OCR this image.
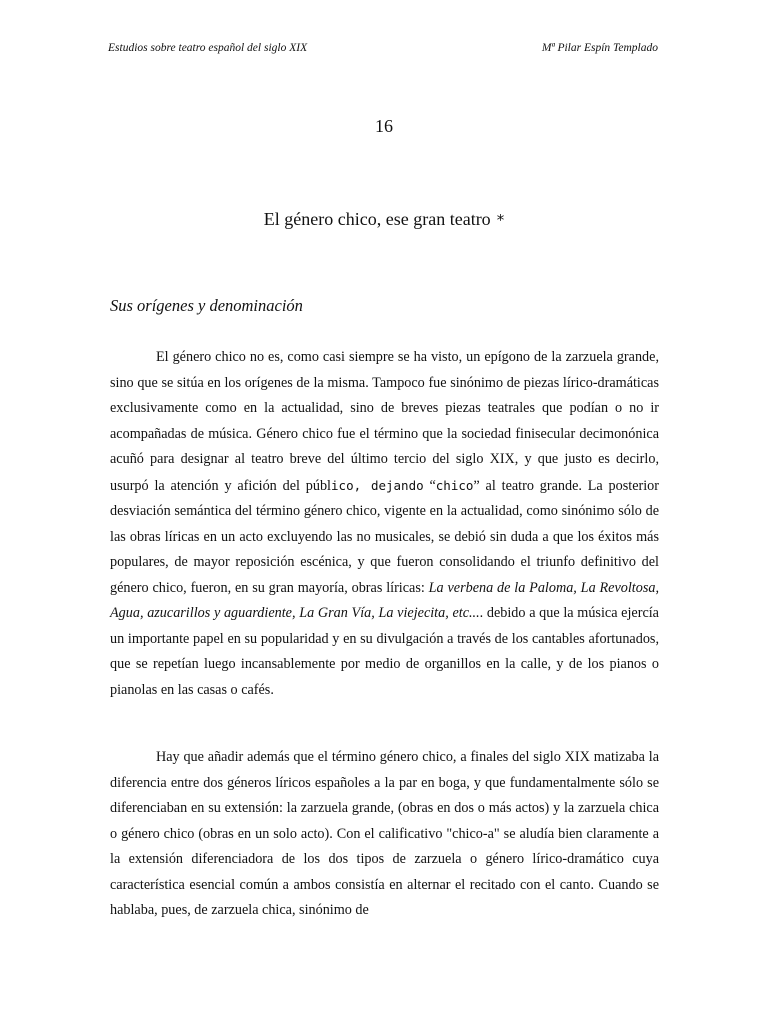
Estudios sobre teatro español del siglo XIX	Mª Pilar Espín Templado
16
El género chico, ese gran teatro *
Sus orígenes y denominación

El género chico no es, como casi siempre se ha visto, un epígono de la zarzuela grande, sino que se sitúa en los orígenes de la misma. Tampoco fue sinónimo de piezas lírico-dramáticas exclusivamente como en la actualidad, sino de breves piezas teatrales que podían o no ir acompañadas de música. Género chico fue el término que la sociedad finisecular decimonónica acuñó para designar al teatro breve del último tercio del siglo XIX, y que justo es decirlo, usurpó la atención y afición del público, dejando “chico” al teatro grande. La posterior desviación semántica del término género chico, vigente en la actualidad, como sinónimo sólo de las obras líricas en un acto excluyendo las no musicales, se debió sin duda a que los éxitos más populares, de mayor reposición escénica, y que fueron consolidando el triunfo definitivo del género chico, fueron, en su gran mayoría, obras líricas: La verbena de la Paloma, La Revoltosa, Agua, azucarillos y aguardiente, La Gran Vía, La viejecita, etc.... debido a que la música ejercía un importante papel en su popularidad y en su divulgación a través de los cantables afortunados, que se repetían luego incansablemente por medio de organillos en la calle, y de los pianos o pianolas en las casas o cafés.

Hay que añadir además que el término género chico, a finales del siglo XIX matizaba la diferencia entre dos géneros líricos españoles a la par en boga, y que fundamentalmente sólo se diferenciaban en su extensión: la zarzuela grande, (obras en dos o más actos) y la zarzuela chica o género chico (obras en un solo acto). Con el calificativo "chico-a" se aludía bien claramente a la extensión diferenciadora de los dos tipos de zarzuela o género lírico-dramático cuya característica esencial común a ambos consistía en alternar el recitado con el canto. Cuando se hablaba, pues, de zarzuela chica, sinónimo de
